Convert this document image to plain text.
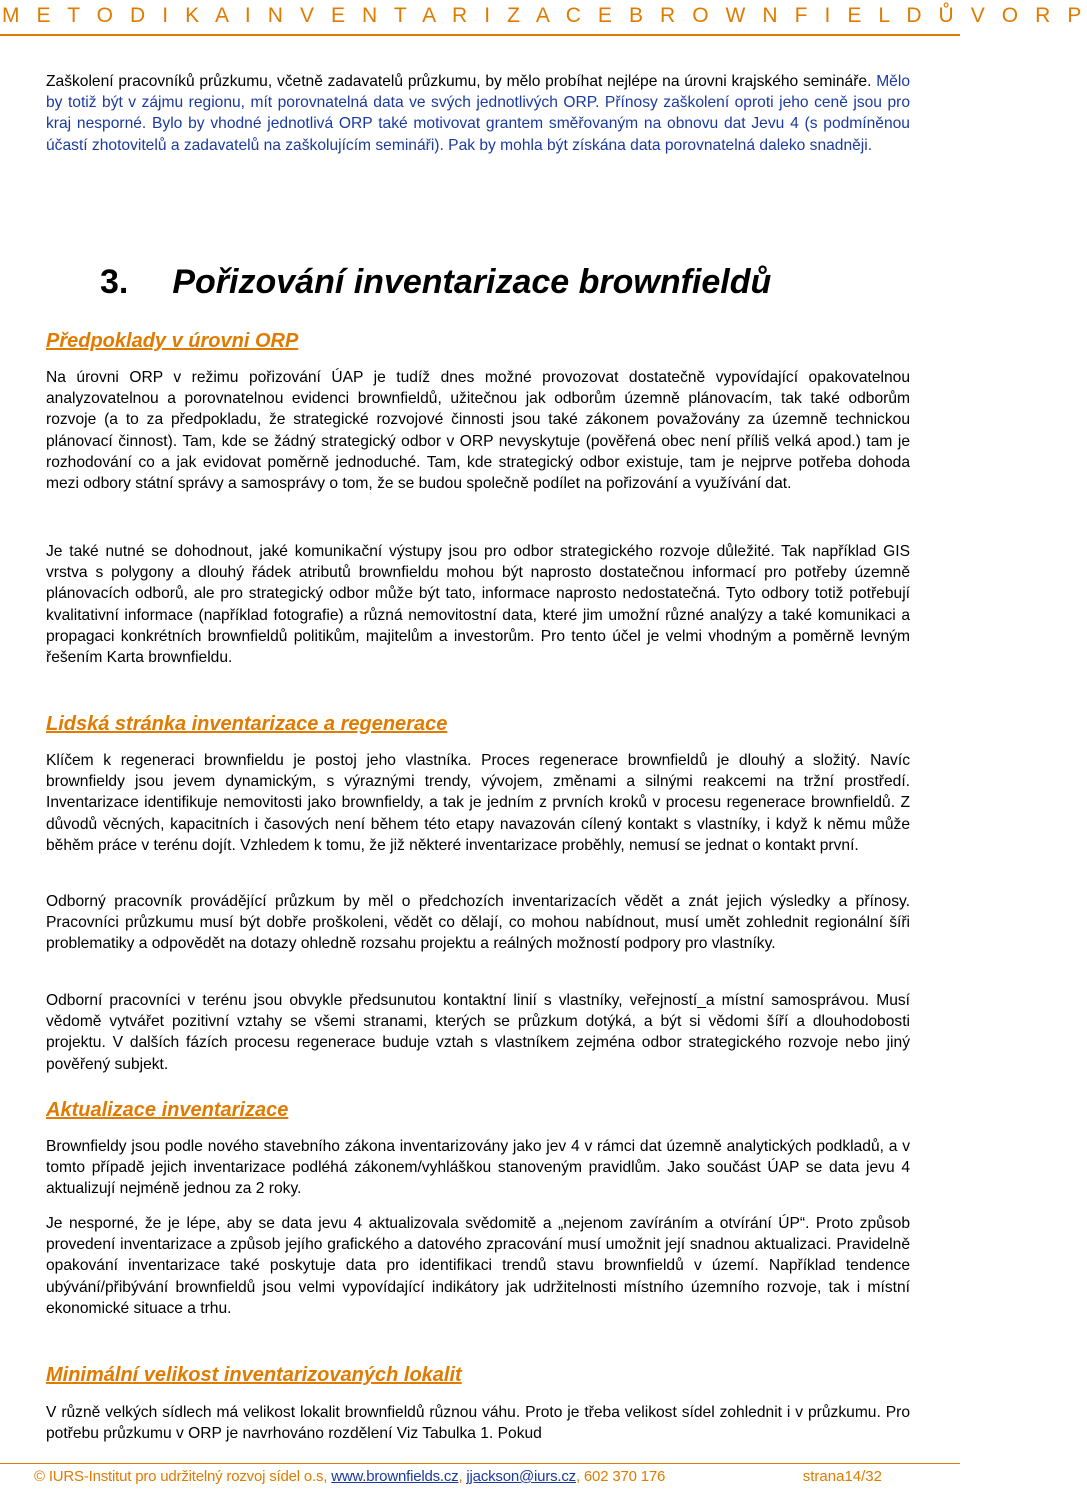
M E T O D I K A I N V E N T A R I Z A C E B R O W N F I E L D Ů V O R P

Zaškolení pracovníků průzkumu, včetně zadavatelů průzkumu, by mělo probíhat nejlépe na úrovni krajského semináře. Mělo by totiž být v zájmu regionu, mít porovnatelná data ve svých jednotlivých ORP. Přínosy zaškolení oproti jeho ceně jsou pro kraj nesporné. Bylo by vhodné jednotlivá ORP také motivovat grantem směřovaným na obnovu dat Jevu 4 (s podmíněnou účastí zhotovitelů a zadavatelů na zaškolujícím semináři). Pak by mohla být získána data porovnatelná daleko snadněji.

3. Pořizování inventarizace brownfieldů
Předpoklady v úrovni ORP

Na úrovni ORP v režimu pořizování ÚAP je tudíž dnes možné provozovat dostatečně vypovídající opakovatelnou analyzovatelnou a porovnatelnou evidenci brownfieldů, užitečnou jak odborům územně plánovacím, tak také odborům rozvoje (a to za předpokladu, že strategické rozvojové činnosti jsou také zákonem považovány za územně technickou plánovací činnost). Tam, kde se žádný strategický odbor v ORP nevyskytuje (pověřená obec není příliš velká apod.) tam je rozhodování co a jak evidovat poměrně jednoduché. Tam, kde strategický odbor existuje, tam je nejprve potřeba dohoda mezi odbory státní správy a samosprávy o tom, že se budou společně podílet na pořizování a využívání dat.

Je také nutné se dohodnout, jaké komunikační výstupy jsou pro odbor strategického rozvoje důležité. Tak například GIS vrstva s polygony a dlouhý řádek atributů brownfieldu mohou být naprosto dostatečnou informací pro potřeby územně plánovacích odborů, ale pro strategický odbor může být tato, informace naprosto nedostatečná. Tyto odbory totiž potřebují kvalitativní informace (například fotografie) a různá nemovitostní data, které jim umožní různé analýzy a také komunikaci a propagaci konkrétních brownfieldů politikům, majitelům a investorům. Pro tento účel je velmi vhodným a poměrně levným řešením Karta brownfieldu.

Lidská stránka inventarizace a regenerace

Klíčem k regeneraci brownfieldu je postoj jeho vlastníka. Proces regenerace brownfieldů je dlouhý a složitý. Navíc brownfieldy jsou jevem dynamickým, s výraznými trendy, vývojem, změnami a silnými reakcemi na tržní prostředí. Inventarizace identifikuje nemovitosti jako brownfieldy, a tak je jedním z prvních kroků v procesu regenerace brownfieldů. Z důvodů věcných, kapacitních i časových není během této etapy navazován cílený kontakt s vlastníky, i když k němu může běhěm práce v terénu dojít. Vzhledem k tomu, že již některé inventarizace proběhly, nemusí se jednat o kontakt první.

Odborný pracovník provádějící průzkum by měl o předchozích inventarizacích vědět a znát jejich výsledky a přínosy. Pracovníci průzkumu musí být dobře proškoleni, vědět co dělají, co mohou nabídnout, musí umět zohlednit regionální šíři problematiky a odpovědět na dotazy ohledně rozsahu projektu a reálných možností podpory pro vlastníky.

Odborní pracovníci v terénu jsou obvykle předsunutou kontaktní linií s vlastníky, veřejností_a místní samosprávou. Musí vědomě vytvářet pozitivní vztahy se všemi stranami, kterých se průzkum dotýká, a být si vědomi šíří a dlouhodobosti projektu. V dalších fázích procesu regenerace buduje vztah s vlastníkem zejména odbor strategického rozvoje nebo jiný pověřený subjekt.

Aktualizace inventarizace

Brownfieldy jsou podle nového stavebního zákona inventarizovány jako jev 4 v rámci dat územně analytických podkladů, a v tomto případě jejich inventarizace podléhá zákonem/vyhláškou stanoveným pravidlům. Jako součást ÚAP se data jevu 4 aktualizují nejméně jednou za 2 roky.

Je nesporné, že je lépe, aby se data jevu 4 aktualizovala svědomitě a „nejenom zavíráním a otvírání ÚP“. Proto způsob provedení inventarizace a způsob jejího grafického a datového zpracování musí umožnit její snadnou aktualizaci. Pravidelně opakování inventarizace také poskytuje data pro identifikaci trendů stavu brownfieldů v území. Například tendence ubývání/přibývání brownfieldů jsou velmi vypovídající indikátory jak udržitelnosti místního územního rozvoje, tak i místní ekonomické situace a trhu.

Minimální velikost inventarizovaných lokalit

V různě velkých sídlech má velikost lokalit brownfieldů různou váhu. Proto je třeba velikost sídel zohlednit i v průzkumu. Pro potřebu průzkumu v ORP je navrhováno rozdělení Viz Tabulka 1. Pokud

© IURS-Institut pro udržitelný rozvoj sídel o.s, www.brownfields.cz, jjackson@iurs.cz, 602 370 176	strana14/32
